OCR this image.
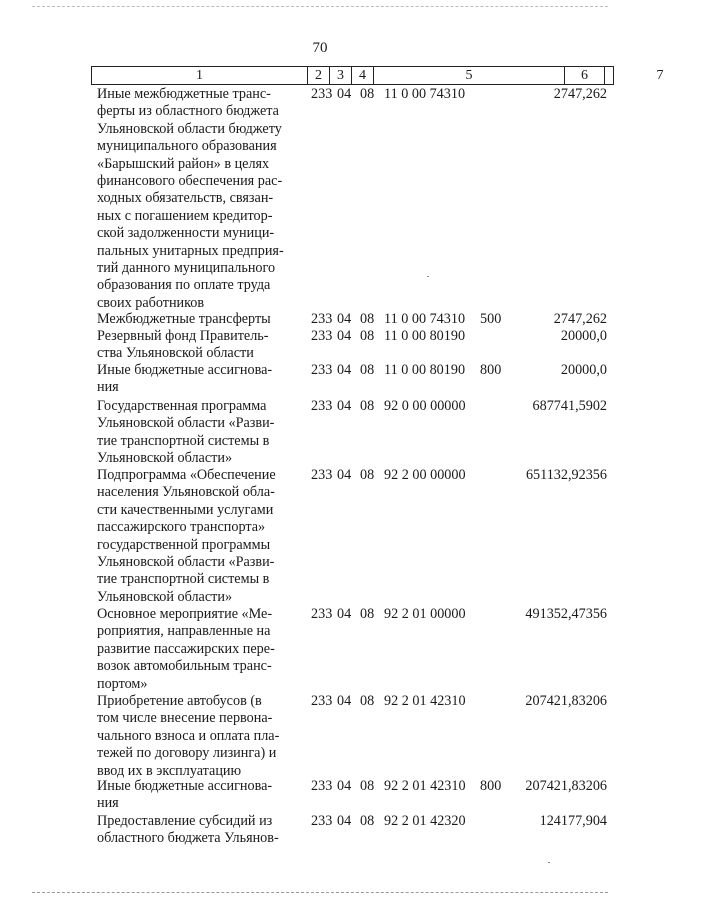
70
1	2	3	4	5	6	7
Иные межбюджетные транс-
ферты из областного бюджета
Ульяновской области бюджету
муниципального образования
«Барышский район» в целях
финансового обеспечения рас-
ходных обязательств, связан-
ных с погашением кредитор-
ской задолженности муници-
пальных унитарных предприя-
тий данного муниципального
образования по оплате труда
своих работников
233 04 08 11 0 00 74310	2747,262
Межбюджетные трансферты	233 04 08 11 0 00 74310 500	2747,262
Резервный фонд Правитель-
ства Ульяновской области
233 04 08 11 0 00 80190	20000,0
Иные бюджетные ассигнова-
ния
233 04 08 11 0 00 80190 800	20000,0
Государственная программа
Ульяновской области «Разви-
тие транспортной системы в
Ульяновской области»
233 04 08 92 0 00 00000	687741,5902
Подпрограмма «Обеспечение
населения Ульяновской обла-
сти качественными услугами
пассажирского транспорта»
государственной программы
Ульяновской области «Разви-
тие транспортной системы в
Ульяновской области»
233 04 08 92 2 00 00000	651132,92356
Основное мероприятие «Ме-
роприятия, направленные на
развитие пассажирских пере-
возок автомобильным транс-
портом»
233 04 08 92 2 01 00000	491352,47356
Приобретение автобусов (в
том числе внесение первона-
чального взноса и оплата пла-
тежей по договору лизинга) и
ввод их в эксплуатацию
233 04 08 92 2 01 42310	207421,83206
Иные бюджетные ассигнова-
ния
233 04 08 92 2 01 42310 800 207421,83206
Предоставление субсидий из
областного бюджета Ульянов-
233 04 08 92 2 01 42320	124177,904
